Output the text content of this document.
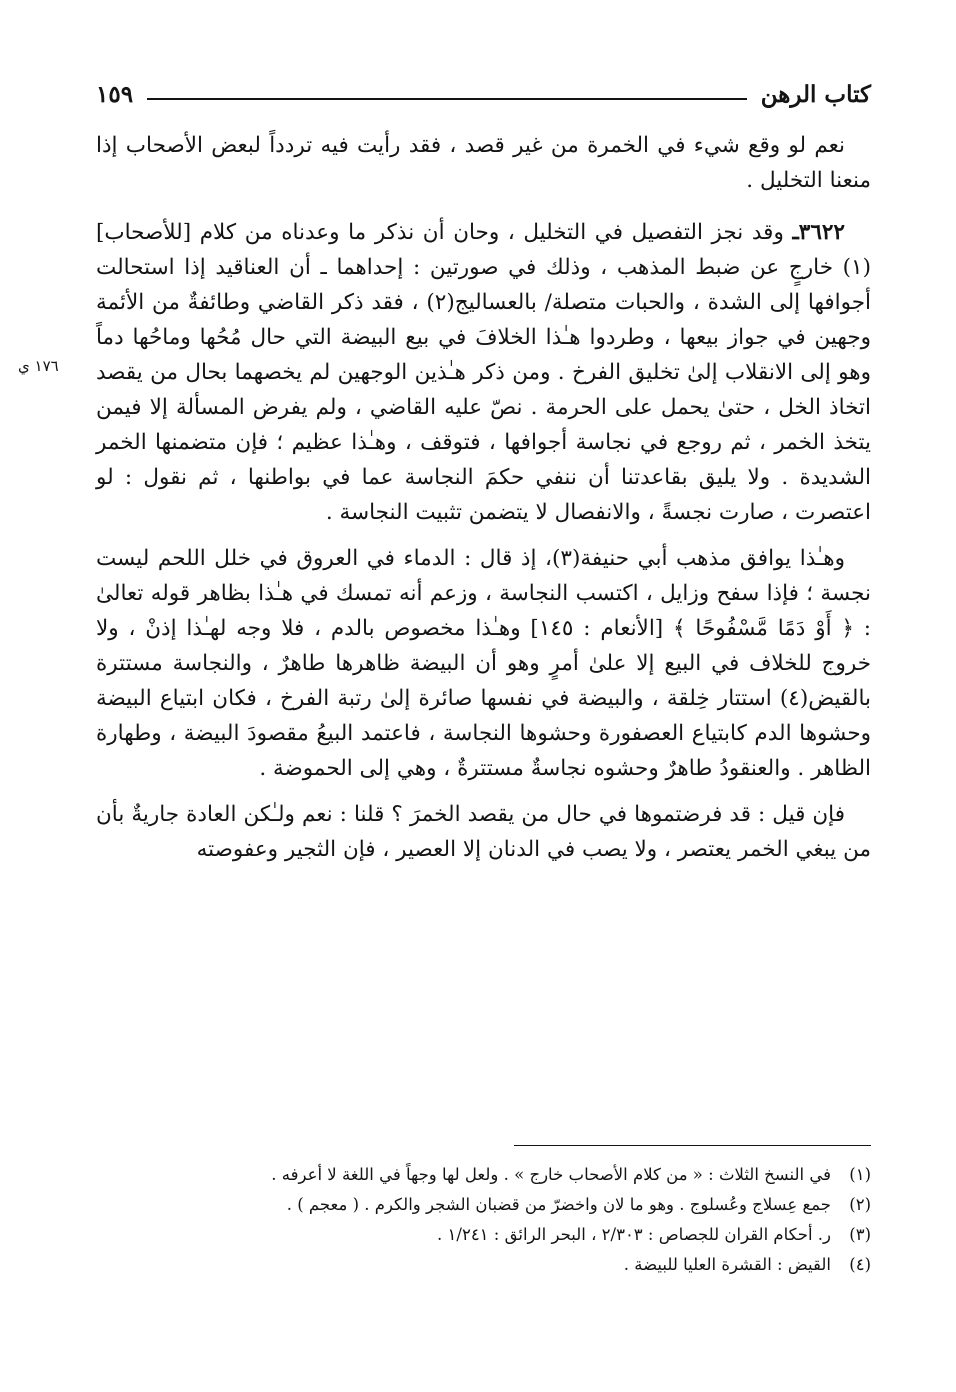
كتاب الرهن
١٥٩
١٧٦ ي

نعم لو وقع شيء في الخمرة من غير قصد ، فقد رأيت فيه تردداً لبعض الأصحاب إذا منعنا التخليل .

٣٦٢٢ـ وقد نجز التفصيل في التخليل ، وحان أن نذكر ما وعدناه من كلام [للأصحاب](١) خارجٍ عن ضبط المذهب ، وذلك في صورتين : إحداهما ـ أن العناقيد إذا استحالت أجوافها إلى الشدة ، والحبات متصلة/ بالعساليج(٢) ، فقد ذكر القاضي وطائفةٌ من الأئمة وجهين في جواز بيعها ، وطردوا هـٰذا الخلافَ في بيع البيضة التي حال مُحُها وماحُها دماً وهو إلى الانقلاب إلىٰ تخليق الفرخ . ومن ذكر هـٰذين الوجهين لم يخصهما بحال من يقصد اتخاذ الخل ، حتىٰ يحمل على الحرمة . نصّ عليه القاضي ، ولم يفرض المسألة إلا فيمن يتخذ الخمر ، ثم روجع في نجاسة أجوافها ، فتوقف ، وهـٰذا عظيم ؛ فإن متضمنها الخمر الشديدة . ولا يليق بقاعدتنا أن ننفي حكمَ النجاسة عما في بواطنها ، ثم نقول : لو اعتصرت ، صارت نجسةً ، والانفصال لا يتضمن تثبيت النجاسة .

وهـٰذا يوافق مذهب أبي حنيفة(٣)، إذ قال : الدماء في العروق في خلل اللحم ليست نجسة ؛ فإذا سفح وزايل ، اكتسب النجاسة ، وزعم أنه تمسك في هـٰذا بظاهر قوله تعالىٰ : ﴿ أَوْ دَمًا مَّسْفُوحًا ﴾ [الأنعام : ١٤٥] وهـٰذا مخصوص بالدم ، فلا وجه لهـٰذا إذنْ ، ولا خروج للخلاف في البيع إلا علىٰ أمرٍ وهو أن البيضة ظاهرها طاهرٌ ، والنجاسة مستترة بالقيض(٤) استتار خِلقة ، والبيضة في نفسها صائرة إلىٰ رتبة الفرخ ، فكان ابتياع البيضة وحشوها الدم كابتياع العصفورة وحشوها النجاسة ، فاعتمد البيعُ مقصودَ البيضة ، وطهارة الظاهر . والعنقودُ طاهرٌ وحشوه نجاسةٌ مستترةٌ ، وهي إلى الحموضة .

فإن قيل : قد فرضتموها في حال من يقصد الخمرَ ؟ قلنا : نعم ولـٰكن العادة جاريةٌ بأن من يبغي الخمر يعتصر ، ولا يصب في الدنان إلا العصير ، فإن الثجير وعفوصته

(١)
في النسخ الثلاث : « من كلام الأصحاب خارج » . ولعل لها وجهاً في اللغة لا أعرفه .
(٢)
جمع عِسلاج وعُسلوج . وهو ما لان واخضرّ من قضبان الشجر والكرم . ( معجم ) .
(٣)
ر. أحكام القران للجصاص : ٢/٣٠٣ ، البحر الرائق : ١/٢٤١ .
(٤)
القيض : القشرة العليا للبيضة .
